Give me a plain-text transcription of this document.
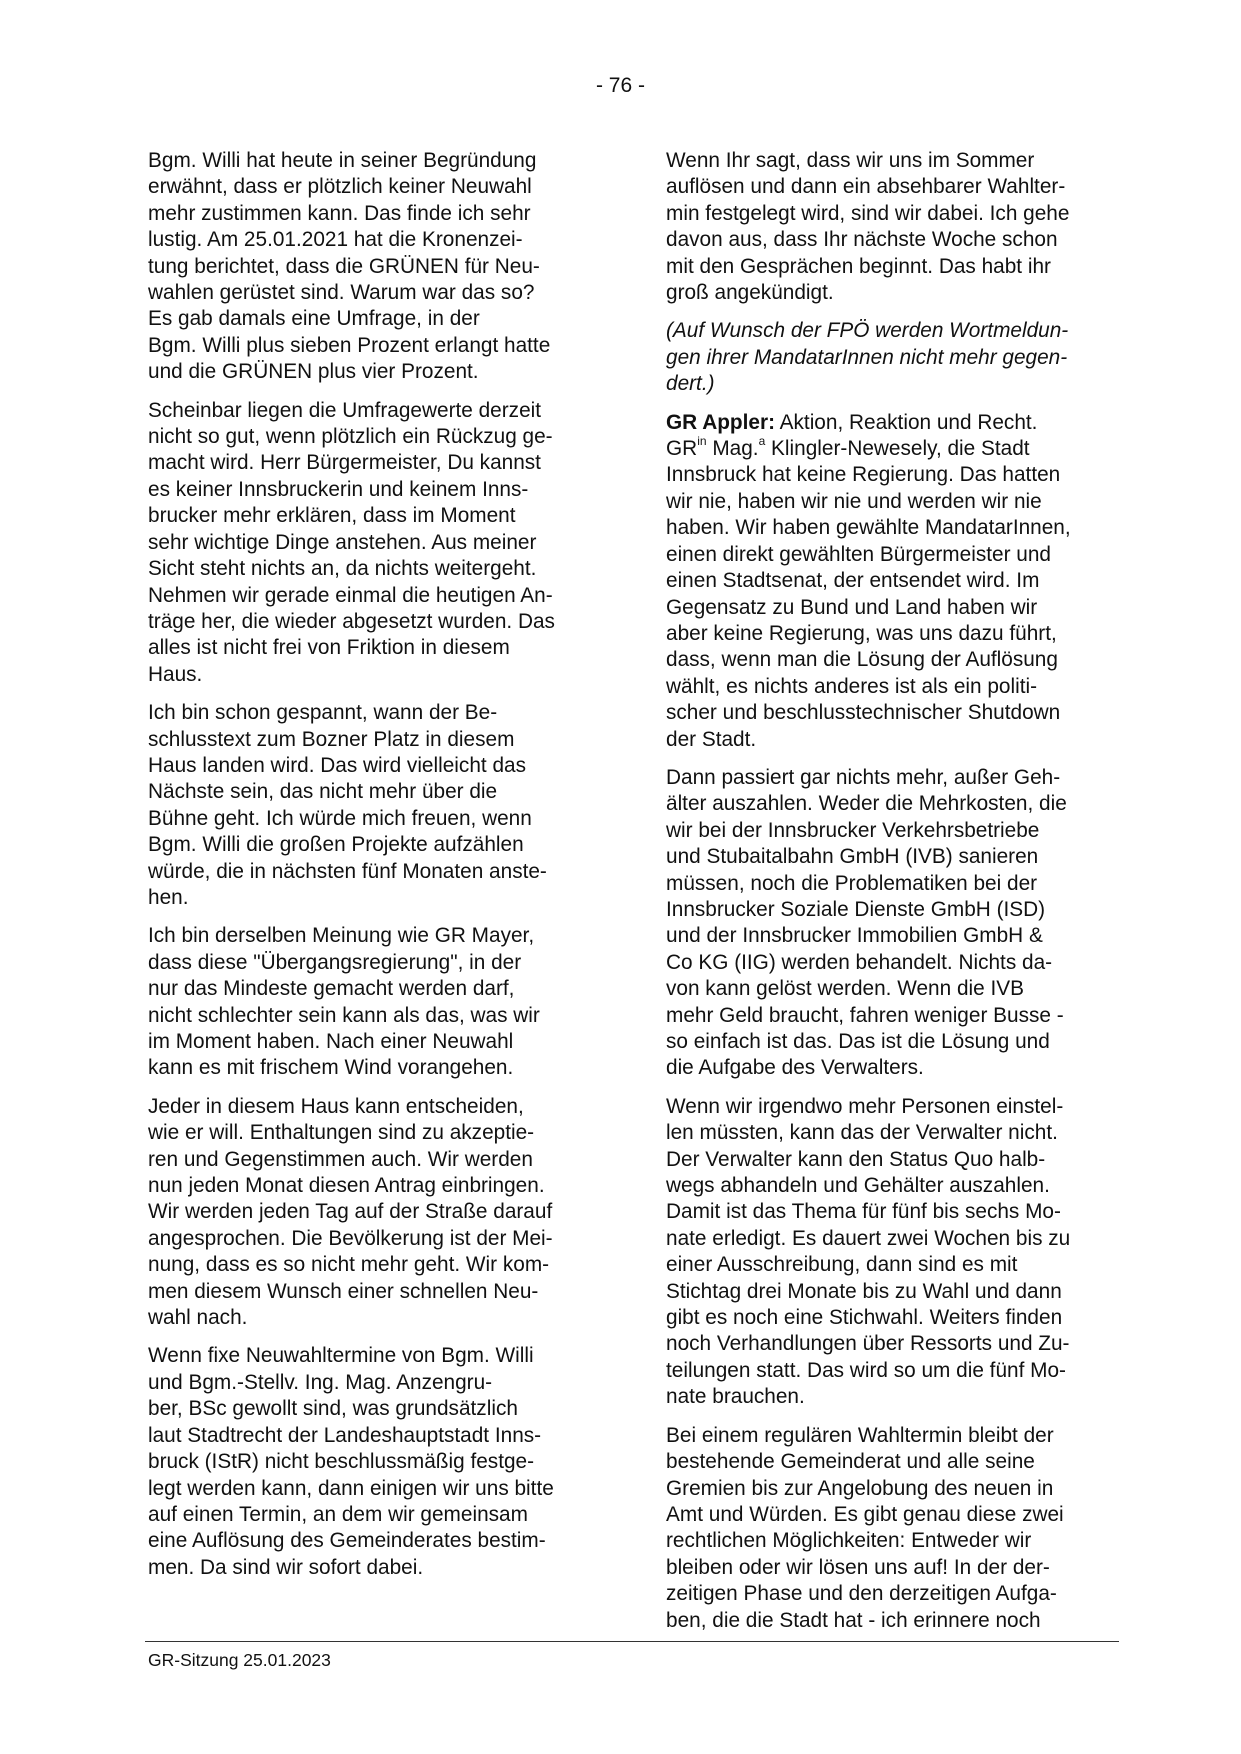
- 76 -

Bgm. Willi hat heute in seiner Begründung
erwähnt, dass er plötzlich keiner Neuwahl
mehr zustimmen kann. Das finde ich sehr
lustig. Am 25.01.2021 hat die Kronenzei-
tung berichtet, dass die GRÜNEN für Neu-
wahlen gerüstet sind. Warum war das so?
Es gab damals eine Umfrage, in der
Bgm. Willi plus sieben Prozent erlangt hatte
und die GRÜNEN plus vier Prozent.

Scheinbar liegen die Umfragewerte derzeit
nicht so gut, wenn plötzlich ein Rückzug ge-
macht wird. Herr Bürgermeister, Du kannst
es keiner Innsbruckerin und keinem Inns-
brucker mehr erklären, dass im Moment
sehr wichtige Dinge anstehen. Aus meiner
Sicht steht nichts an, da nichts weitergeht.
Nehmen wir gerade einmal die heutigen An-
träge her, die wieder abgesetzt wurden. Das
alles ist nicht frei von Friktion in diesem
Haus.

Ich bin schon gespannt, wann der Be-
schlusstext zum Bozner Platz in diesem
Haus landen wird. Das wird vielleicht das
Nächste sein, das nicht mehr über die
Bühne geht. Ich würde mich freuen, wenn
Bgm. Willi die großen Projekte aufzählen
würde, die in nächsten fünf Monaten anste-
hen.

Ich bin derselben Meinung wie GR Mayer,
dass diese "Übergangsregierung", in der
nur das Mindeste gemacht werden darf,
nicht schlechter sein kann als das, was wir
im Moment haben. Nach einer Neuwahl
kann es mit frischem Wind vorangehen.

Jeder in diesem Haus kann entscheiden,
wie er will. Enthaltungen sind zu akzeptie-
ren und Gegenstimmen auch. Wir werden
nun jeden Monat diesen Antrag einbringen.
Wir werden jeden Tag auf der Straße darauf
angesprochen. Die Bevölkerung ist der Mei-
nung, dass es so nicht mehr geht. Wir kom-
men diesem Wunsch einer schnellen Neu-
wahl nach.

Wenn fixe Neuwahltermine von Bgm. Willi
und Bgm.-Stellv. Ing. Mag. Anzengru-
ber, BSc gewollt sind, was grundsätzlich
laut Stadtrecht der Landeshauptstadt Inns-
bruck (IStR) nicht beschlussmäßig festge-
legt werden kann, dann einigen wir uns bitte
auf einen Termin, an dem wir gemeinsam
eine Auflösung des Gemeinderates bestim-
men. Da sind wir sofort dabei.

Wenn Ihr sagt, dass wir uns im Sommer
auflösen und dann ein absehbarer Wahlter-
min festgelegt wird, sind wir dabei. Ich gehe
davon aus, dass Ihr nächste Woche schon
mit den Gesprächen beginnt. Das habt ihr
groß angekündigt.

(Auf Wunsch der FPÖ werden Wortmeldun-
gen ihrer MandatarInnen nicht mehr gegen-
dert.)

GR Appler: Aktion, Reaktion und Recht.
$GR^{in}$ Mag.$^a$ Klingler-Newesely, die Stadt
Innsbruck hat keine Regierung. Das hatten
wir nie, haben wir nie und werden wir nie
haben. Wir haben gewählte MandatarInnen,
einen direkt gewählten Bürgermeister und
einen Stadtsenat, der entsendet wird. Im
Gegensatz zu Bund und Land haben wir
aber keine Regierung, was uns dazu führt,
dass, wenn man die Lösung der Auflösung
wählt, es nichts anderes ist als ein politi-
scher und beschlusstechnischer Shutdown
der Stadt.

Dann passiert gar nichts mehr, außer Geh-
älter auszahlen. Weder die Mehrkosten, die
wir bei der Innsbrucker Verkehrsbetriebe
und Stubaitalbahn GmbH (IVB) sanieren
müssen, noch die Problematiken bei der
Innsbrucker Soziale Dienste GmbH (ISD)
und der Innsbrucker Immobilien GmbH &
Co KG (IIG) werden behandelt. Nichts da-
von kann gelöst werden. Wenn die IVB
mehr Geld braucht, fahren weniger Busse -
so einfach ist das. Das ist die Lösung und
die Aufgabe des Verwalters.

Wenn wir irgendwo mehr Personen einstel-
len müssten, kann das der Verwalter nicht.
Der Verwalter kann den Status Quo halb-
wegs abhandeln und Gehälter auszahlen.
Damit ist das Thema für fünf bis sechs Mo-
nate erledigt. Es dauert zwei Wochen bis zu
einer Ausschreibung, dann sind es mit
Stichtag drei Monate bis zu Wahl und dann
gibt es noch eine Stichwahl. Weiters finden
noch Verhandlungen über Ressorts und Zu-
teilungen statt. Das wird so um die fünf Mo-
nate brauchen.

Bei einem regulären Wahltermin bleibt der
bestehende Gemeinderat und alle seine
Gremien bis zur Angelobung des neuen in
Amt und Würden. Es gibt genau diese zwei
rechtlichen Möglichkeiten: Entweder wir
bleiben oder wir lösen uns auf! In der der-
zeitigen Phase und den derzeitigen Aufga-
ben, die die Stadt hat - ich erinnere noch

GR-Sitzung 25.01.2023
